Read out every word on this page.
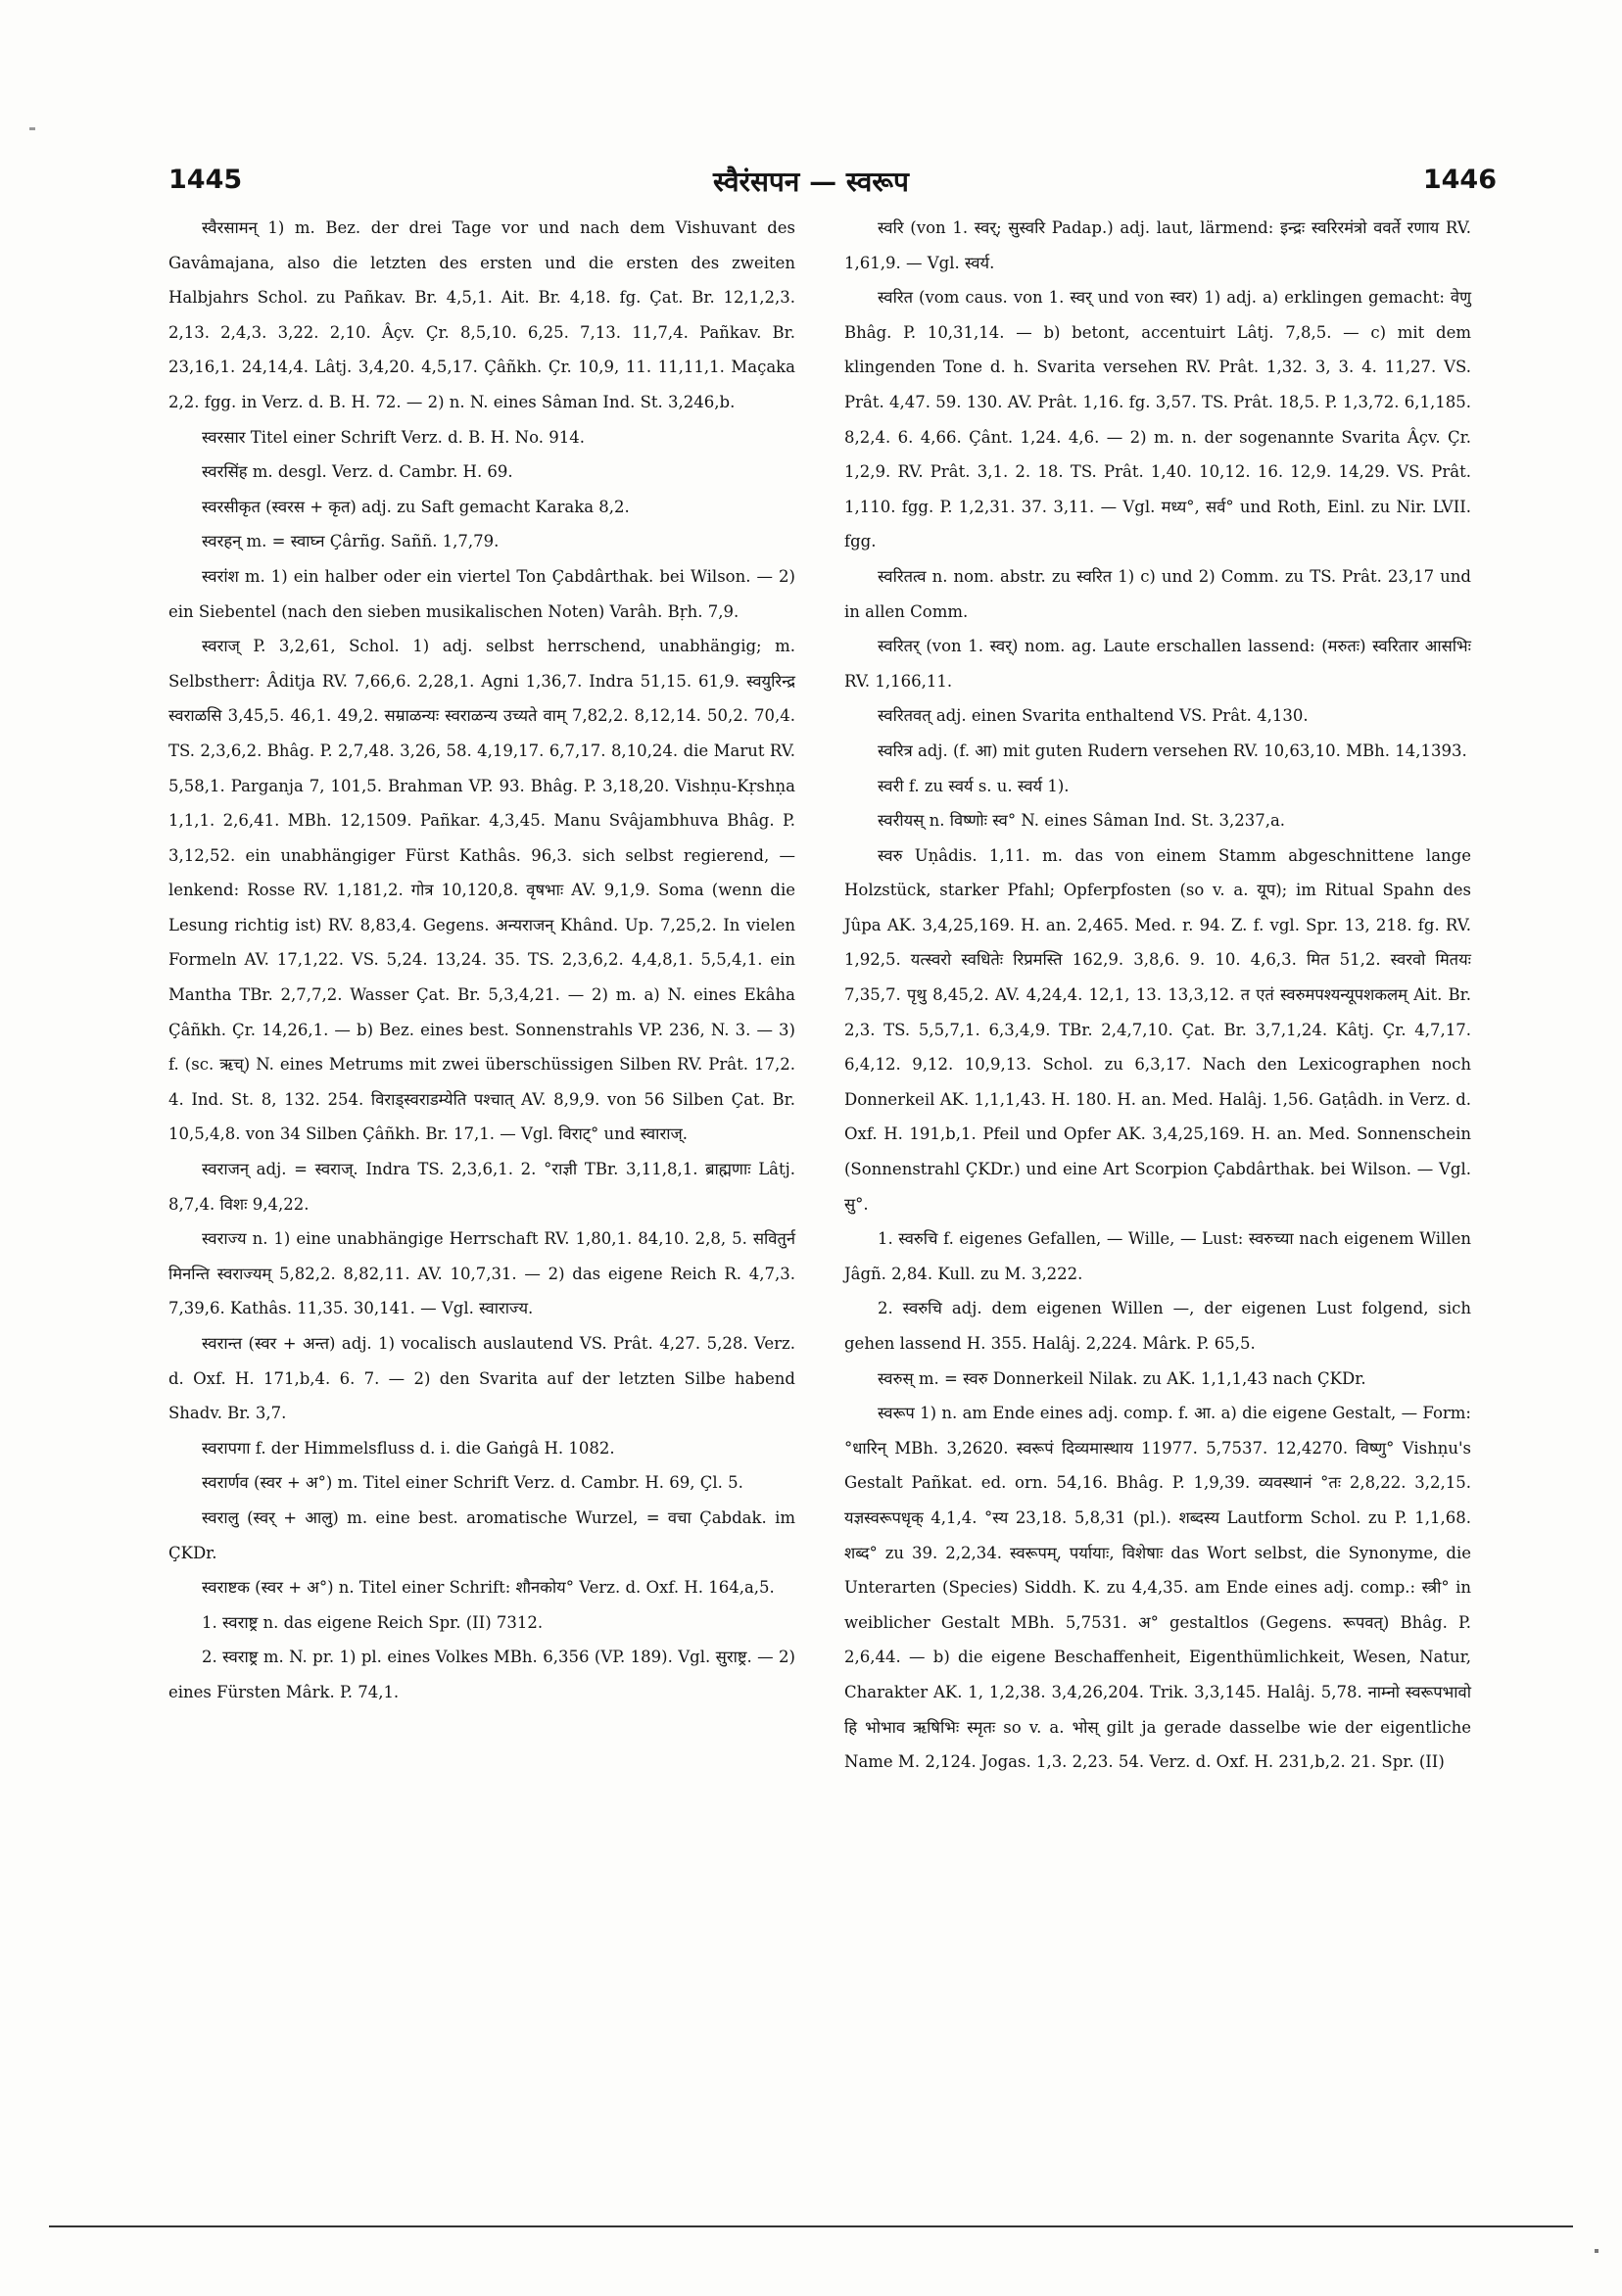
1445	स्वैरंसपन — स्वरूप	1446

स्वैरसामन् 1) m. Bez. der drei Tage vor und nach dem Vishuvant des Gavâmajana, also die letzten des ersten und die ersten des zweiten Halbjahrs Schol. zu Pañkav. Br. 4,5,1. Ait. Br. 4,18. fg. Çat. Br. 12,1,2,3. 2,13. 2,4,3. 3,22. 2,10. Âçv. Çr. 8,5,10. 6,25. 7,13. 11,7,4. Pañkav. Br. 23,16,1. 24,14,4. Lâtj. 3,4,20. 4,5,17. Çâñkh. Çr. 10,9, 11. 11,11,1. Maçaka 2,2. fgg. in Verz. d. B. H. 72. — 2) n. N. eines Sâman Ind. St. 3,246,b.

स्वरसार Titel einer Schrift Verz. d. B. H. No. 914.

स्वरसिंह m. desgl. Verz. d. Cambr. H. 69.

स्वरसीकृत (स्वरस + कृत) adj. zu Saft gemacht Karaka 8,2.

स्वरहन् m. = स्वाघ्न Çârñg. Saññ. 1,7,79.

स्वरांश m. 1) ein halber oder ein viertel Ton Çabdârthak. bei Wilson. — 2) ein Siebentel (nach den sieben musikalischen Noten) Varâh. Bṛh. 7,9.

स्वराज् P. 3,2,61, Schol. 1) adj. selbst herrschend, unabhängig; m. Selbstherr: Âditja RV. 7,66,6. 2,28,1. Agni 1,36,7. Indra 51,15. 61,9. स्वयुरिन्द्र स्वराळसि 3,45,5. 46,1. 49,2. सम्राळन्यः स्वराळन्य उच्यते वाम् 7,82,2. 8,12,14. 50,2. 70,4. TS. 2,3,6,2. Bhâg. P. 2,7,48. 3,26, 58. 4,19,17. 6,7,17. 8,10,24. die Marut RV. 5,58,1. Parganja 7, 101,5. Brahman VP. 93. Bhâg. P. 3,18,20. Vishṇu-Kṛshṇa 1,1,1. 2,6,41. MBh. 12,1509. Pañkar. 4,3,45. Manu Svâjambhuva Bhâg. P. 3,12,52. ein unabhängiger Fürst Kathâs. 96,3. sich selbst regierend, — lenkend: Rosse RV. 1,181,2. गोत्र 10,120,8. वृषभाः AV. 9,1,9. Soma (wenn die Lesung richtig ist) RV. 8,83,4. Gegens. अन्यराजन् Khând. Up. 7,25,2. In vielen Formeln AV. 17,1,22. VS. 5,24. 13,24. 35. TS. 2,3,6,2. 4,4,8,1. 5,5,4,1. ein Mantha TBr. 2,7,7,2. Wasser Çat. Br. 5,3,4,21. — 2) m. a) N. eines Ekâha Çâñkh. Çr. 14,26,1. — b) Bez. eines best. Sonnenstrahls VP. 236, N. 3. — 3) f. (sc. ऋच्) N. eines Metrums mit zwei überschüssigen Silben RV. Prât. 17,2. 4. Ind. St. 8, 132. 254. विराड्स्वराडम्येति पश्चात् AV. 8,9,9. von 56 Silben Çat. Br. 10,5,4,8. von 34 Silben Çâñkh. Br. 17,1. — Vgl. विराट्° und स्वाराज्.

स्वराजन् adj. = स्वराज्. Indra TS. 2,3,6,1. 2. °राज्ञी TBr. 3,11,8,1. ब्राह्मणाः Lâtj. 8,7,4. विशः 9,4,22.

स्वराज्य n. 1) eine unabhängige Herrschaft RV. 1,80,1. 84,10. 2,8, 5. सवितुर्न मिनन्ति स्वराज्यम् 5,82,2. 8,82,11. AV. 10,7,31. — 2) das eigene Reich R. 4,7,3. 7,39,6. Kathâs. 11,35. 30,141. — Vgl. स्वाराज्य.

स्वरान्त (स्वर + अन्त) adj. 1) vocalisch auslautend VS. Prât. 4,27. 5,28. Verz. d. Oxf. H. 171,b,4. 6. 7. — 2) den Svarita auf der letzten Silbe habend Shadv. Br. 3,7.

स्वरापगा f. der Himmelsfluss d. i. die Gaṅgâ H. 1082.

स्वरार्णव (स्वर + अ°) m. Titel einer Schrift Verz. d. Cambr. H. 69, Çl. 5.

स्वरालु (स्वर् + आलु) m. eine best. aromatische Wurzel, = वचा Çabdak. im ÇKDr.

स्वराष्टक (स्वर + अ°) n. Titel einer Schrift: शौनकोय° Verz. d. Oxf. H. 164,a,5.

1. स्वराष्ट्र n. das eigene Reich Spr. (II) 7312.

2. स्वराष्ट्र m. N. pr. 1) pl. eines Volkes MBh. 6,356 (VP. 189). Vgl. सुराष्ट्र. — 2) eines Fürsten Mârk. P. 74,1.

स्वरि (von 1. स्वर्; सुस्वरि Padap.) adj. laut, lärmend: इन्द्रः स्वरिरमंत्रो ववर्ते रणाय RV. 1,61,9. — Vgl. स्वर्य.

स्वरित (vom caus. von 1. स्वर् und von स्वर) 1) adj. a) erklingen gemacht: वेणु Bhâg. P. 10,31,14. — b) betont, accentuirt Lâtj. 7,8,5. — c) mit dem klingenden Tone d. h. Svarita versehen RV. Prât. 1,32. 3, 3. 4. 11,27. VS. Prât. 4,47. 59. 130. AV. Prât. 1,16. fg. 3,57. TS. Prât. 18,5. P. 1,3,72. 6,1,185. 8,2,4. 6. 4,66. Çânt. 1,24. 4,6. — 2) m. n. der sogenannte Svarita Âçv. Çr. 1,2,9. RV. Prât. 3,1. 2. 18. TS. Prât. 1,40. 10,12. 16. 12,9. 14,29. VS. Prât. 1,110. fgg. P. 1,2,31. 37. 3,11. — Vgl. मध्य°, सर्व° und Roth, Einl. zu Nir. LVII. fgg.

स्वरितत्व n. nom. abstr. zu स्वरित 1) c) und 2) Comm. zu TS. Prât. 23,17 und in allen Comm.

स्वरितर् (von 1. स्वर्) nom. ag. Laute erschallen lassend: (मरुतः) स्वरितार आसभिः RV. 1,166,11.

स्वरितवत् adj. einen Svarita enthaltend VS. Prât. 4,130.

स्वरित्र adj. (f. आ) mit guten Rudern versehen RV. 10,63,10. MBh. 14,1393.

स्वरी f. zu स्वर्य s. u. स्वर्य 1).

स्वरीयस् n. विष्णोः स्व° N. eines Sâman Ind. St. 3,237,a.

स्वरु Uṇâdis. 1,11. m. das von einem Stamm abgeschnittene lange Holzstück, starker Pfahl; Opferpfosten (so v. a. यूप); im Ritual Spahn des Jûpa AK. 3,4,25,169. H. an. 2,465. Med. r. 94. Z. f. vgl. Spr. 13, 218. fg. RV. 1,92,5. यत्स्वरो स्वधितेः रिप्रमस्ति 162,9. 3,8,6. 9. 10. 4,6,3. मित 51,2. स्वरवो मितयः 7,35,7. पृथु 8,45,2. AV. 4,24,4. 12,1, 13. 13,3,12. त एतं स्वरुमपश्यन्यूपशकलम् Ait. Br. 2,3. TS. 5,5,7,1. 6,3,4,9. TBr. 2,4,7,10. Çat. Br. 3,7,1,24. Kâtj. Çr. 4,7,17. 6,4,12. 9,12. 10,9,13. Schol. zu 6,3,17. Nach den Lexicographen noch Donnerkeil AK. 1,1,1,43. H. 180. H. an. Med. Halâj. 1,56. Gaṭâdh. in Verz. d. Oxf. H. 191,b,1. Pfeil und Opfer AK. 3,4,25,169. H. an. Med. Sonnenschein (Sonnenstrahl ÇKDr.) und eine Art Scorpion Çabdârthak. bei Wilson. — Vgl. सु°.

1. स्वरुचि f. eigenes Gefallen, — Wille, — Lust: स्वरुच्या nach eigenem Willen Jâgñ. 2,84. Kull. zu M. 3,222.

2. स्वरुचि adj. dem eigenen Willen —, der eigenen Lust folgend, sich gehen lassend H. 355. Halâj. 2,224. Mârk. P. 65,5.

स्वरुस् m. = स्वरु Donnerkeil Nilak. zu AK. 1,1,1,43 nach ÇKDr.

स्वरूप 1) n. am Ende eines adj. comp. f. आ. a) die eigene Gestalt, — Form: °धारिन् MBh. 3,2620. स्वरूपं दिव्यमास्थाय 11977. 5,7537. 12,4270. विष्णु° Vishṇu's Gestalt Pañkat. ed. orn. 54,16. Bhâg. P. 1,9,39. व्यवस्थानं °तः 2,8,22. 3,2,15. यज्ञस्वरूपधृक् 4,1,4. °स्य 23,18. 5,8,31 (pl.). शब्दस्य Lautform Schol. zu P. 1,1,68. शब्द° zu 39. 2,2,34. स्वरूपम्, पर्यायाः, विशेषाः das Wort selbst, die Synonyme, die Unterarten (Species) Siddh. K. zu 4,4,35. am Ende eines adj. comp.: स्त्री° in weiblicher Gestalt MBh. 5,7531. अ° gestaltlos (Gegens. रूपवत्) Bhâg. P. 2,6,44. — b) die eigene Beschaffenheit, Eigenthümlichkeit, Wesen, Natur, Charakter AK. 1, 1,2,38. 3,4,26,204. Trik. 3,3,145. Halâj. 5,78. नाम्नो स्वरूपभावो हि भोभाव ऋषिभिः स्मृतः so v. a. भोस् gilt ja gerade dasselbe wie der eigentliche Name M. 2,124. Jogas. 1,3. 2,23. 54. Verz. d. Oxf. H. 231,b,2. 21. Spr. (II)
